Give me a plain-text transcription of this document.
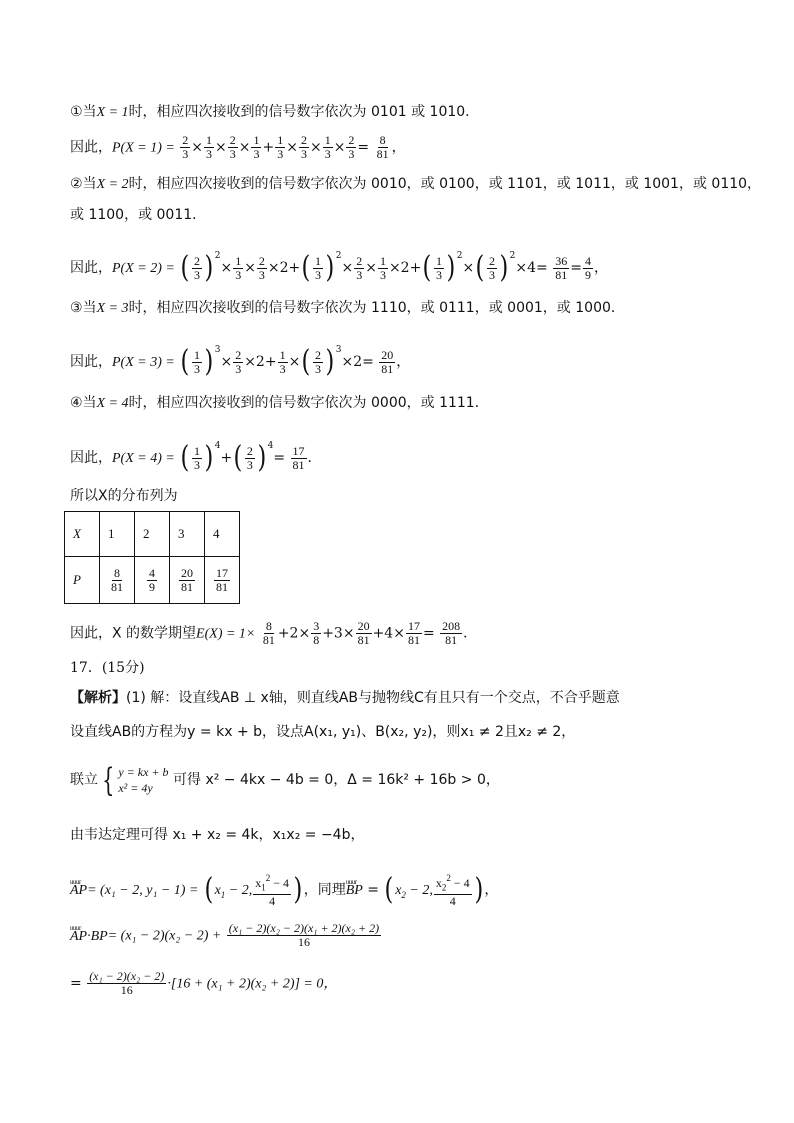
①当X = 1时，相应四次接收到的信号数字依次为 0101 或 1010．
因此，$P(X = 1) = \frac{2}{3} \times \frac{1}{3} \times \frac{2}{3} \times \frac{1}{3} + \frac{1}{3} \times \frac{2}{3} \times \frac{1}{3} \times \frac{2}{3} = \frac{8}{81}$ ，
②当X = 2时，相应四次接收到的信号数字依次为 0010，或 0100，或 1101，或 1011，或 1001，或 0110，
或 1100，或 0011．
因此，P(X = 2) = ( $\frac{2}{3} )^2\times \frac{1}{3} \times \frac{2}{3} \times 2+( \frac{1}{3} )^2\times \frac{2}{3} \times \frac{1}{3} \times 2+( \frac{1}{3} )^2\times( \frac{2}{3} )^2\times 4= \frac{36}{81} = \frac{4}{9}$ ，
③当X = 3时，相应四次接收到的信号数字依次为 1110，或 0111，或 0001，或 1000．
因此，P(X = 3) = ( $\frac{1}{3} )^3\times \frac{2}{3} \times 2+ \frac{1}{3}$ ×( $\frac{2}{3} )^3\times 2= \frac{20}{81}$ ，
④当X = 4时，相应四次接收到的信号数字依次为 0000，或 1111．
因此，P(X = 4) = ( $\frac{1}{3} )^4+( \frac{2}{3} )^4= \frac{17}{81}$ ．
所以X的分布列为
X	1	2	3	4
P	$\frac{8}{81}$	$\frac{4}{9}$	$\frac{20}{81}$	$\frac{17}{81}$
因此，X 的数学期望$E(X) = 1\times \frac{8}{81} +2\times \frac{3}{8} +3\times \frac{20}{81} +4\times \frac{17}{81} = \frac{208}{81}$ ．
17．(15分)
【解析】(1) 解：设直线AB ⊥ x轴，则直线AB与抛物线C有且只有一个交点，不合乎题意
设直线AB的方程为y = kx + b，设点A(x₁, y₁)、B(x₂, y₂)，则x₁ ≠ 2且x₂ ≠ 2，
联立 { y = kx + b
x² = 4y	可得 x² − 4kx − 4b = 0，Δ = 16k² + 16b > 0，
由韦达定理可得 x₁ + x₂ = 4k，x₁x₂ = −4b，
uuur AP= (x₁ − 2, $y_1 - 1) = (x_1 - 2$, $\frac{x_1^2 - 4}{4}$ )，同理uuur BP = ($x_2 - 2$, $\frac{x_2^2 - 4}{4}$ )，
uuur $AP\cdot BP= (x_1 - 2)(x_2 - 2) + \frac{\text{(x₁ − 2)(x₂ − 2)(x₁ + 2)(x₂ + 2)}}{16}$
= $\frac{\text{(x₁ − 2)(x₂ − 2)}}{16} \cdot[16 + (x_1 + 2)(x_2 + 2)] = 0$，
